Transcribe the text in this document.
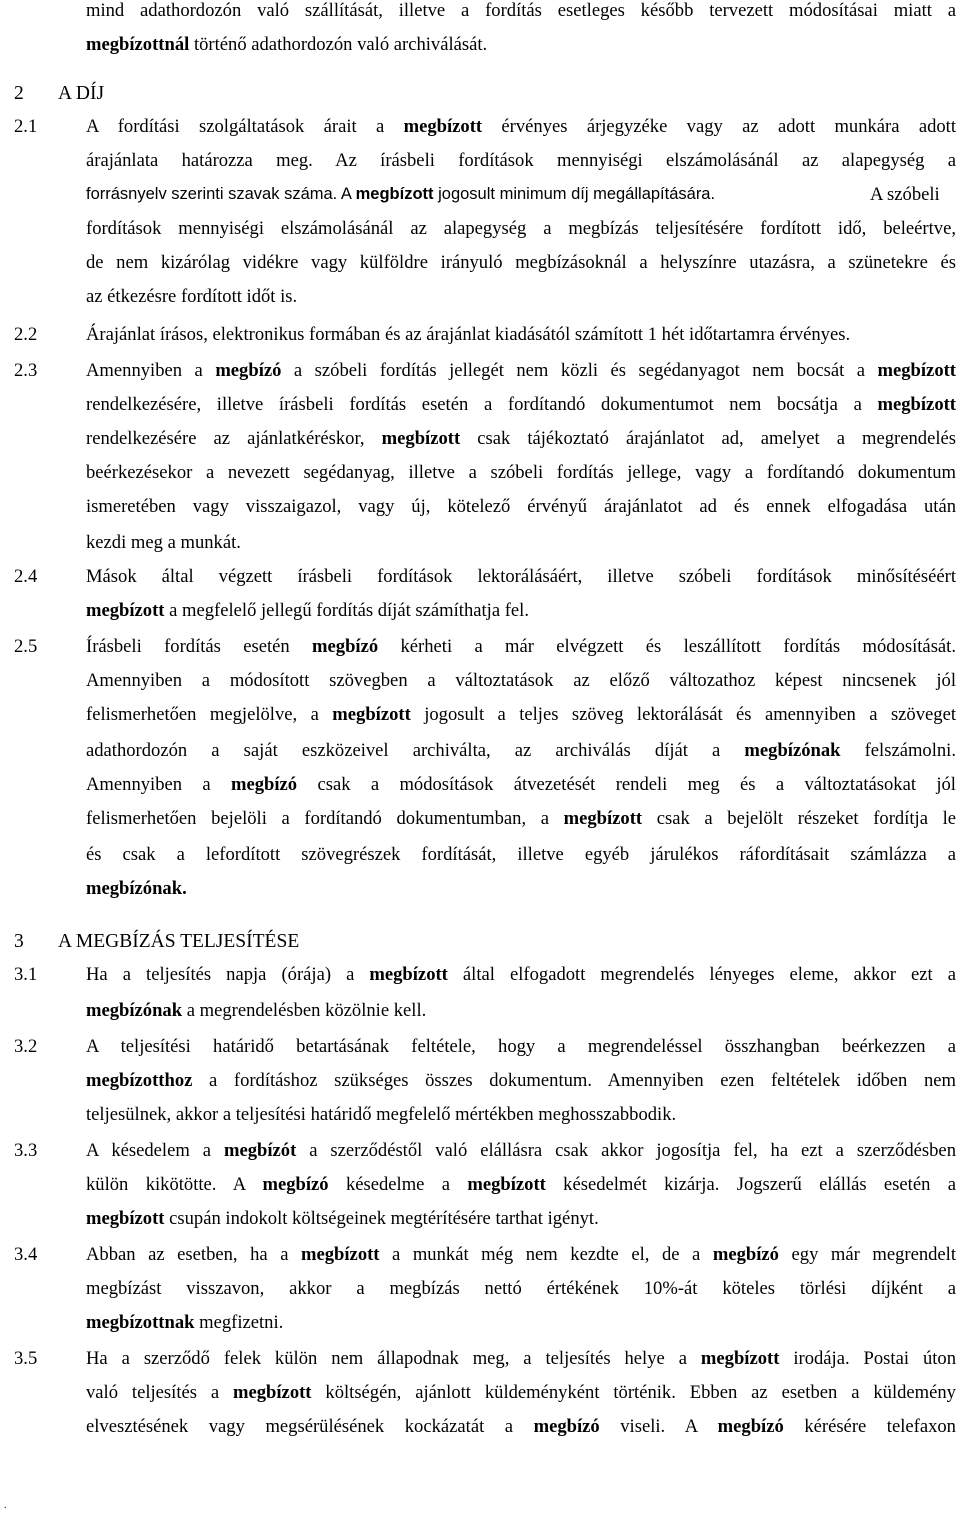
mind adathordozón való szállítását, illetve a fordítás esetleges később tervezett módosításai miatt a
megbízottnál történő adathordozón való archiválását.
2 A DÍJ
2.1	A fordítási szolgáltatások árait a megbízott érvényes árjegyzéke vagy az adott munkára adott
árajánlata határozza meg. Az írásbeli fordítások mennyiségi elszámolásánál az alapegység a
forrásnyelv szerinti szavak száma. A megbízott jogosult minimum díj megállapítására.	A szóbeli
fordítások mennyiségi elszámolásánál az alapegység a megbízás teljesítésére fordított idő, beleértve,
de nem kizárólag vidékre vagy külföldre irányuló megbízásoknál a helyszínre utazásra, a szünetekre és
az étkezésre fordított időt is.
2.2	Árajánlat írásos, elektronikus formában és az árajánlat kiadásától számított 1 hét időtartamra érvényes.
2.3	Amennyiben a megbízó a szóbeli fordítás jellegét nem közli és segédanyagot nem bocsát a megbízott
rendelkezésére, illetve írásbeli fordítás esetén a fordítandó dokumentumot nem bocsátja a megbízott
rendelkezésére az ajánlatkéréskor, megbízott csak tájékoztató árajánlatot ad, amelyet a megrendelés
beérkezésekor a nevezett segédanyag, illetve a szóbeli fordítás jellege, vagy a fordítandó dokumentum
ismeretében vagy visszaigazol, vagy új, kötelező érvényű árajánlatot ad és ennek elfogadása után
kezdi meg a munkát.
2.4	Mások által végzett írásbeli fordítások lektorálásáért, illetve szóbeli fordítások minősítéséért
megbízott a megfelelő jellegű fordítás díját számíthatja fel.
2.5	Írásbeli fordítás esetén megbízó kérheti a már elvégzett és leszállított fordítás módosítását.
Amennyiben a módosított szövegben a változtatások az előző változathoz képest nincsenek jól
felismerhetően megjelölve, a megbízott jogosult a teljes szöveg lektorálását és amennyiben a szöveget
adathordozón a saját eszközeivel archiválta, az archiválás díját a megbízónak felszámolni.
Amennyiben a megbízó csak a módosítások átvezetését rendeli meg és a változtatásokat jól
felismerhetően bejelöli a fordítandó dokumentumban, a megbízott csak a bejelölt részeket fordítja le
és csak a lefordított szövegrészek fordítását, illetve egyéb járulékos ráfordításait számlázza a
megbízónak.
3 A MEGBÍZÁS TELJESÍTÉSE
3.1	Ha a teljesítés napja (órája) a megbízott által elfogadott megrendelés lényeges eleme, akkor ezt a
megbízónak a megrendelésben közölnie kell.
3.2	A teljesítési határidő betartásának feltétele, hogy a megrendeléssel összhangban beérkezzen a
megbízotthoz a fordításhoz szükséges összes dokumentum. Amennyiben ezen feltételek időben nem
teljesülnek, akkor a teljesítési határidő megfelelő mértékben meghosszabbodik.
3.3	A késedelem a megbízót a szerződéstől való elállásra csak akkor jogosítja fel, ha ezt a szerződésben
külön kikötötte. A megbízó késedelme a megbízott késedelmét kizárja. Jogszerű elállás esetén a
megbízott csupán indokolt költségeinek megtérítésére tarthat igényt.
3.4	Abban az esetben, ha a megbízott a munkát még nem kezdte el, de a megbízó egy már megrendelt
megbízást visszavon, akkor a megbízás nettó értékének 10%-át köteles törlési díjként a
megbízottnak megfizetni.
3.5	Ha a szerződő felek külön nem állapodnak meg, a teljesítés helye a megbízott irodája. Postai úton
való teljesítés a megbízott költségén, ajánlott küldeményként történik. Ebben az esetben a küldemény
elvesztésének vagy megsérülésének kockázatát a megbízó viseli. A megbízó kérésére telefaxon
.
